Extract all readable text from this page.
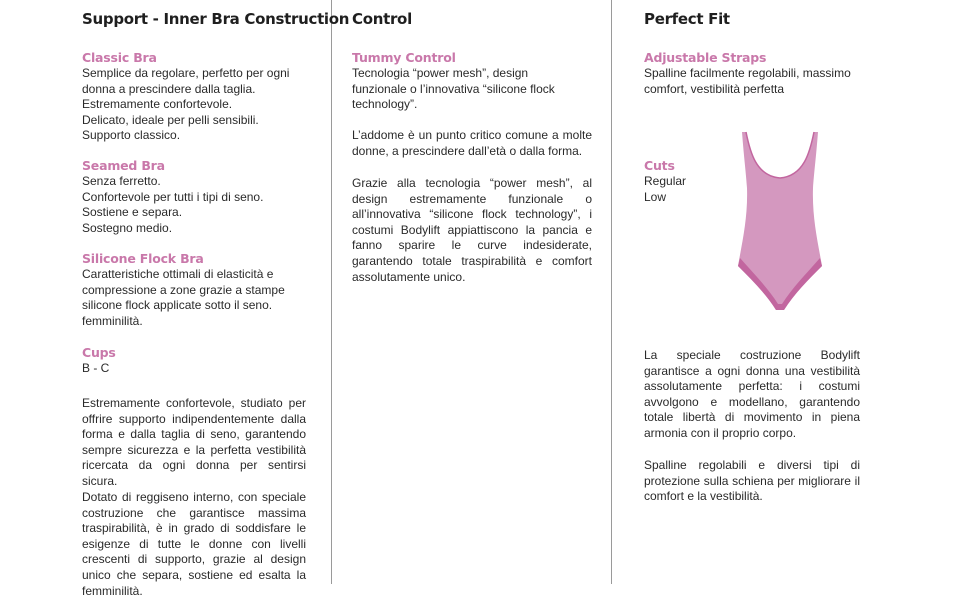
Support - Inner Bra Construction
Classic Bra
Semplice da regolare, perfetto per ogni
donna a prescindere dalla taglia.
Estremamente confortevole.
Delicato, ideale per pelli sensibili.
Supporto classico.
Seamed Bra
Senza ferretto.
Confortevole per tutti i tipi di seno.
Sostiene e separa.
Sostegno medio.
Silicone Flock Bra
Caratteristiche ottimali di elasticità e
compressione a zone grazie a stampe
silicone flock applicate sotto il seno.
femminilità.
Cups
B - C
Estremamente confortevole, studiato per offrire supporto indipendentemente dalla forma e dalla taglia di seno, garantendo sempre sicurezza e la perfetta vestibilità ricercata da ogni donna per sentirsi sicura.
Dotato di reggiseno interno, con speciale costruzione che garantisce massima traspirabilità, è in grado di soddisfare le esigenze di tutte le donne con livelli crescenti di supporto, grazie al design unico che separa, sostiene ed esalta la femminilità.
Control
Tummy Control
Tecnologia “power mesh”, design
funzionale o l’innovativa “silicone flock
technology”.
L’addome è un punto critico comune a molte donne, a prescindere dall’età o dalla forma.
Grazie alla tecnologia “power mesh”, al design estremamente funzionale o all’innovativa “silicone flock technology”, i costumi Bodylift appiattiscono la pancia e fanno sparire le curve indesiderate, garantendo totale traspirabilità e comfort assolutamente unico.
Perfect Fit
Adjustable Straps
Spalline facilmente regolabili, massimo
comfort, vestibilità perfetta
Cuts
Regular
Low
La speciale costruzione Bodylift garantisce a ogni donna una vestibilità assolutamente perfetta: i costumi avvolgono e modellano, garantendo totale libertà di movimento in piena armonia con il proprio corpo.
Spalline regolabili e diversi tipi di protezione sulla schiena per migliorare il comfort e la vestibilità.
